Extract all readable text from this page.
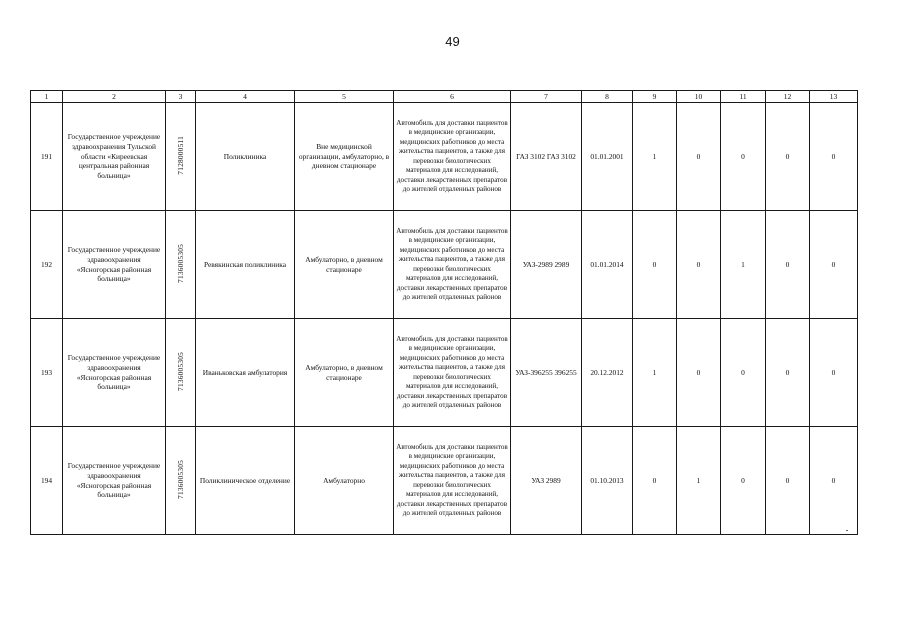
49
1	2	3	4	5	6	7	8	9	10	11	12	13
191	Государственное учреждение здравоохранения Тульской области «Кирeевская центральная районная больница»	7128000511	Поликлиника	Вне медицинской организации, амбулаторно, в дневном стационаре	Автомобиль для доставки пациентов в медицинские организации, медицинских работников до места жительства пациентов, а также для перевозки биологических материалов для исследований, доставки лекарственных препаратов до жителей отдаленных районов	ГАЗ 3102 ГАЗ 3102	01.01.2001	1	0	0	0	0
192	Государственное учреждение здравоохранения «Ясногорская районная больница»	7136005305	Ревякинская поликлиника	Амбулаторно, в дневном стационаре	Автомобиль для доставки пациентов в медицинские организации, медицинских работников до места жительства пациентов, а также для перевозки биологических материалов для исследований, доставки лекарственных препаратов до жителей отдаленных районов	УАЗ-2989 2989	01.01.2014	0	0	1	0	0
193	Государственное учреждение здравоохранения «Ясногорская районная больница»	7136005305	Иваньковская амбулатория	Амбулаторно, в дневном стационаре	Автомобиль для доставки пациентов в медицинские организации, медицинских работников до места жительства пациентов, а также для перевозки биологических материалов для исследований, доставки лекарственных препаратов до жителей отдаленных районов	УАЗ-396255 396255	20.12.2012	1	0	0	0	0
194	Государственное учреждение здравоохранения «Ясногорская районная больница»	7136005305	Поликлиническое отделение	Амбулаторно	Автомобиль для доставки пациентов в медицинские организации, медицинских работников до места жительства пациентов, а также для перевозки биологических материалов для исследований, доставки лекарственных препаратов до жителей отдаленных районов	УАЗ 2989	01.10.2013	0	1	0	0	0
